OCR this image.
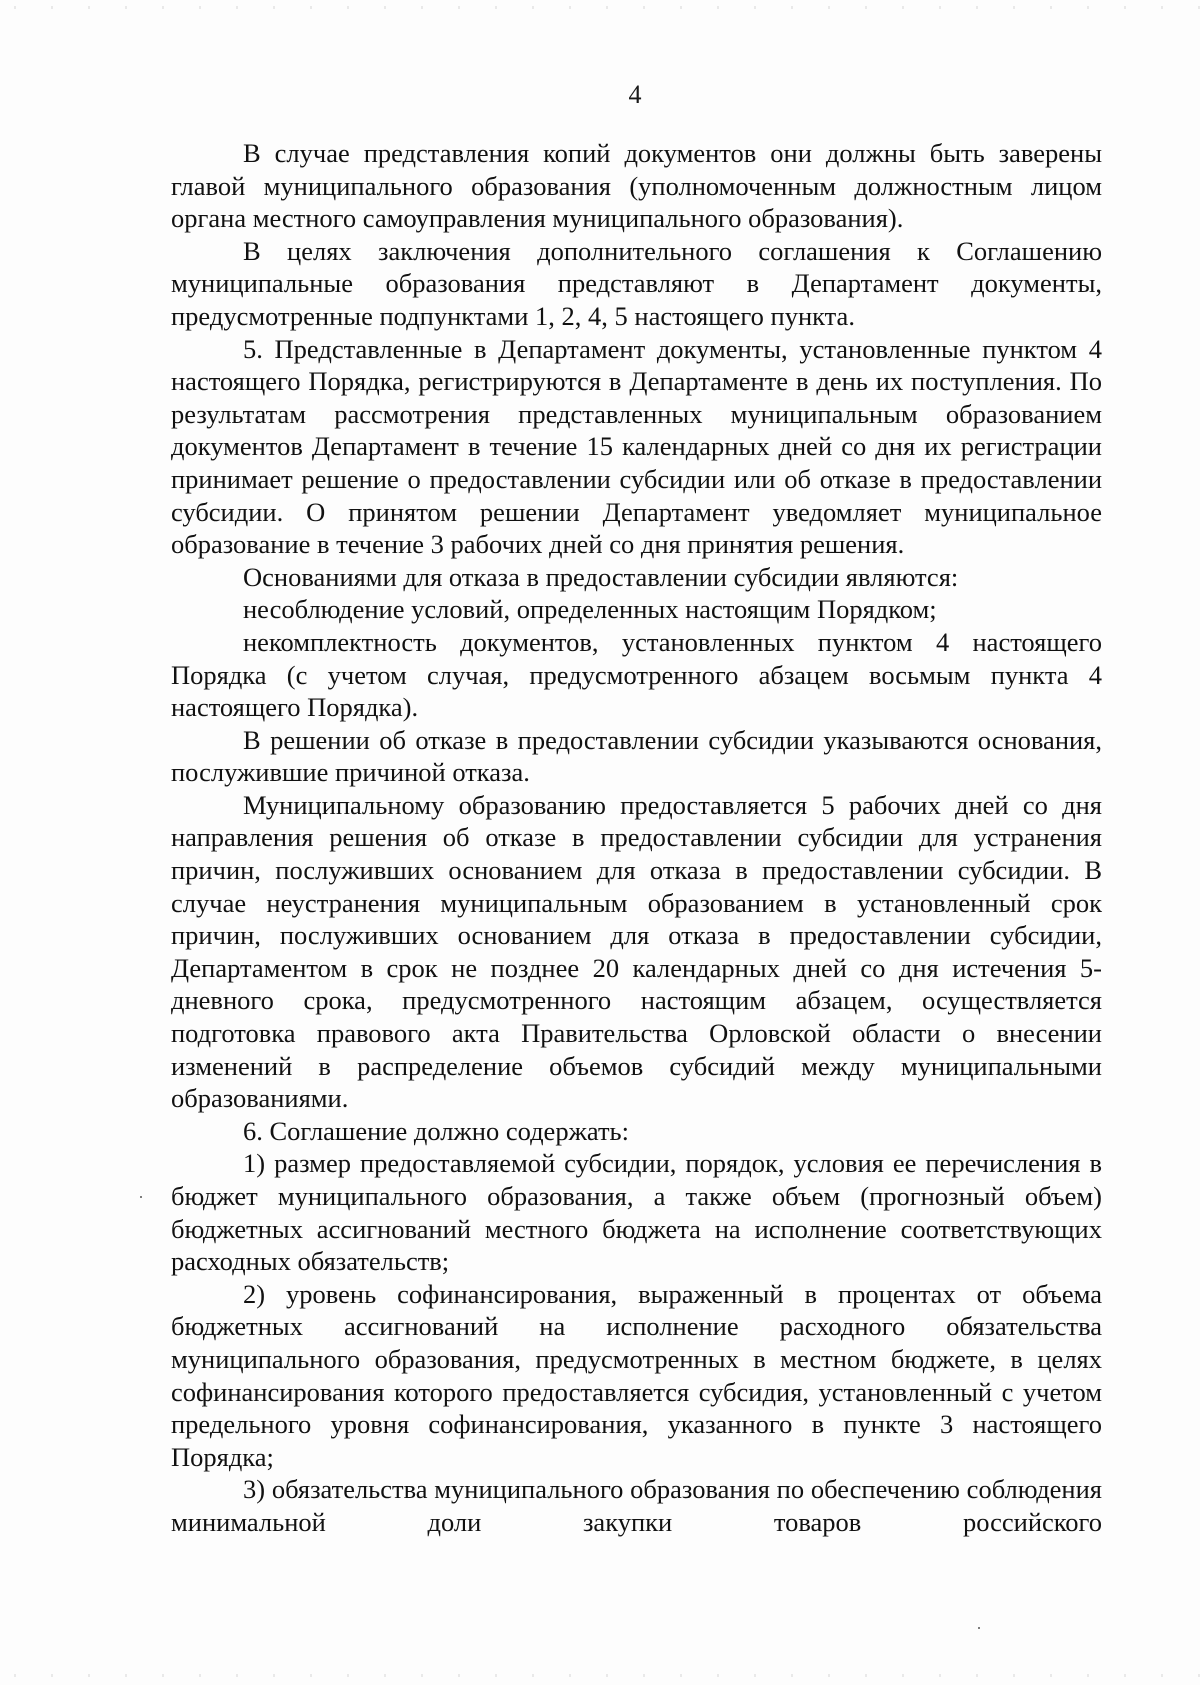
4

В случае представления копий документов они должны быть заверены главой муниципального образования (уполномоченным должностным лицом органа местного самоуправления муниципального образования).

В целях заключения дополнительного соглашения к Соглашению муниципальные образования представляют в Департамент документы, предусмотренные подпунктами 1, 2, 4, 5 настоящего пункта.

5. Представленные в Департамент документы, установленные пунктом 4 настоящего Порядка, регистрируются в Департаменте в день их поступления. По результатам рассмотрения представленных муниципальным образованием документов Департамент в течение 15 календарных дней со дня их регистрации принимает решение о предоставлении субсидии или об отказе в предоставлении субсидии. О принятом решении Департамент уведомляет муниципальное образование в течение 3 рабочих дней со дня принятия решения.

Основаниями для отказа в предоставлении субсидии являются:

несоблюдение условий, определенных настоящим Порядком;

некомплектность документов, установленных пунктом 4 настоящего Порядка (с учетом случая, предусмотренного абзацем восьмым пункта 4 настоящего Порядка).

В решении об отказе в предоставлении субсидии указываются основания, послужившие причиной отказа.

Муниципальному образованию предоставляется 5 рабочих дней со дня направления решения об отказе в предоставлении субсидии для устранения причин, послуживших основанием для отказа в предоставлении субсидии. В случае неустранения муниципальным образованием в установленный срок причин, послуживших основанием для отказа в предоставлении субсидии, Департаментом в срок не позднее 20 календарных дней со дня истечения 5-дневного срока, предусмотренного настоящим абзацем, осуществляется подготовка правового акта Правительства Орловской области о внесении изменений в распределение объемов субсидий между муниципальными образованиями.

6. Соглашение должно содержать:

1) размер предоставляемой субсидии, порядок, условия ее перечисления в бюджет муниципального образования, а также объем (прогнозный объем) бюджетных ассигнований местного бюджета на исполнение соответствующих расходных обязательств;

2) уровень софинансирования, выраженный в процентах от объема бюджетных ассигнований на исполнение расходного обязательства муниципального образования, предусмотренных в местном бюджете, в целях софинансирования которого предоставляется субсидия, установленный с учетом предельного уровня софинансирования, указанного в пункте 3 настоящего Порядка;

3) обязательства муниципального образования по обеспечению соблюдения минимальной доли закупки товаров российского
